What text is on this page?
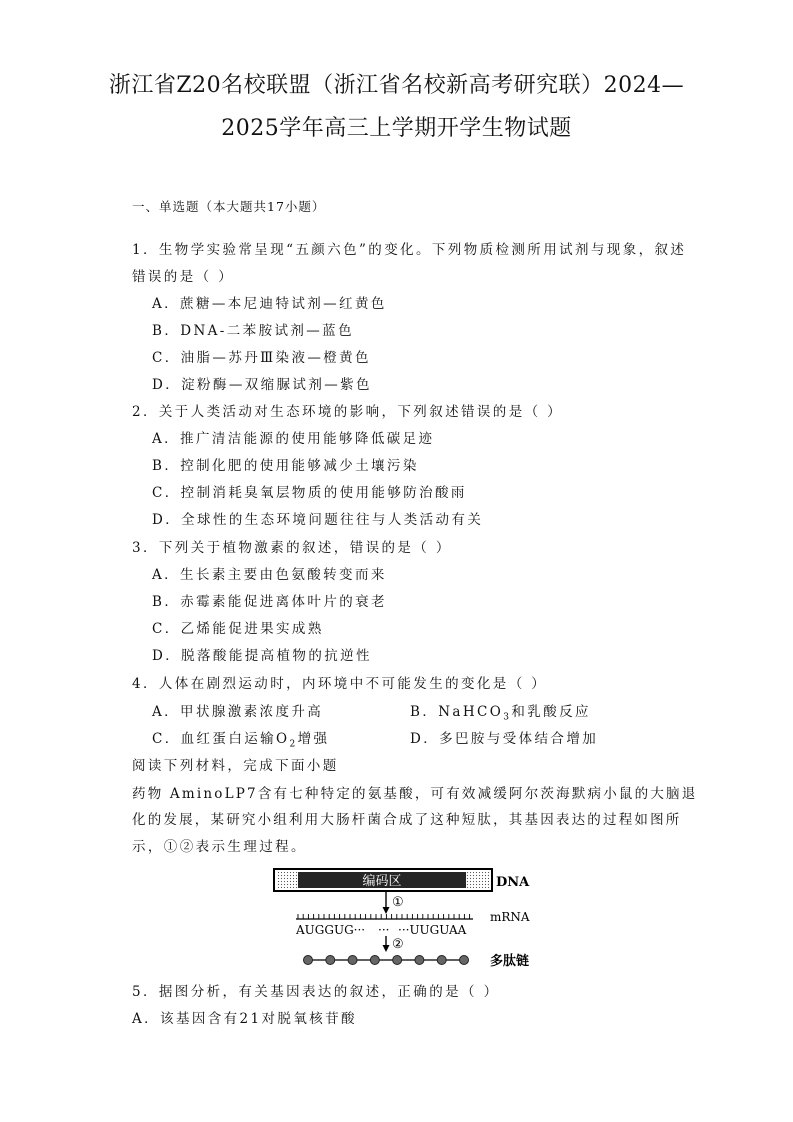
浙江省Z20名校联盟（浙江省名校新高考研究联）2024—
2025学年高三上学期开学生物试题
一、单选题（本大题共17小题）
1．生物学实验常呈现“五颜六色”的变化。下列物质检测所用试剂与现象，叙述
错误的是（ ）
A．蔗糖—本尼迪特试剂—红黄色
B．DNA-二苯胺试剂—蓝色
C．油脂—苏丹Ⅲ染液—橙黄色
D．淀粉酶—双缩脲试剂—紫色
2．关于人类活动对生态环境的影响，下列叙述错误的是（ ）
A．推广清洁能源的使用能够降低碳足迹
B．控制化肥的使用能够减少土壤污染
C．控制消耗臭氧层物质的使用能够防治酸雨
D．全球性的生态环境问题往往与人类活动有关
3．下列关于植物激素的叙述，错误的是（ ）
A．生长素主要由色氨酸转变而来
B．赤霉素能促进离体叶片的衰老
C．乙烯能促进果实成熟
D．脱落酸能提高植物的抗逆性
4．人体在剧烈运动时，内环境中不可能发生的变化是（ ）
A．甲状腺激素浓度升高	B．NaHCO$_3$和乳酸反应
C．血红蛋白运输$O_2$增强	D．多巴胺与受体结合增加
阅读下列材料，完成下面小题
药物 AminoLP7含有七种特定的氨基酸，可有效减缓阿尔茨海默病小鼠的大脑退
化的发展，某研究小组利用大肠杆菌合成了这种短肽，其基因表达的过程如图所
示，①②表示生理过程。
编码区	DNA
①
mRNA
AUGGUG··· ··· ···UUGUAA
②
多肽链
5．据图分析，有关基因表达的叙述，正确的是（ ）
A．该基因含有21对脱氧核苷酸
